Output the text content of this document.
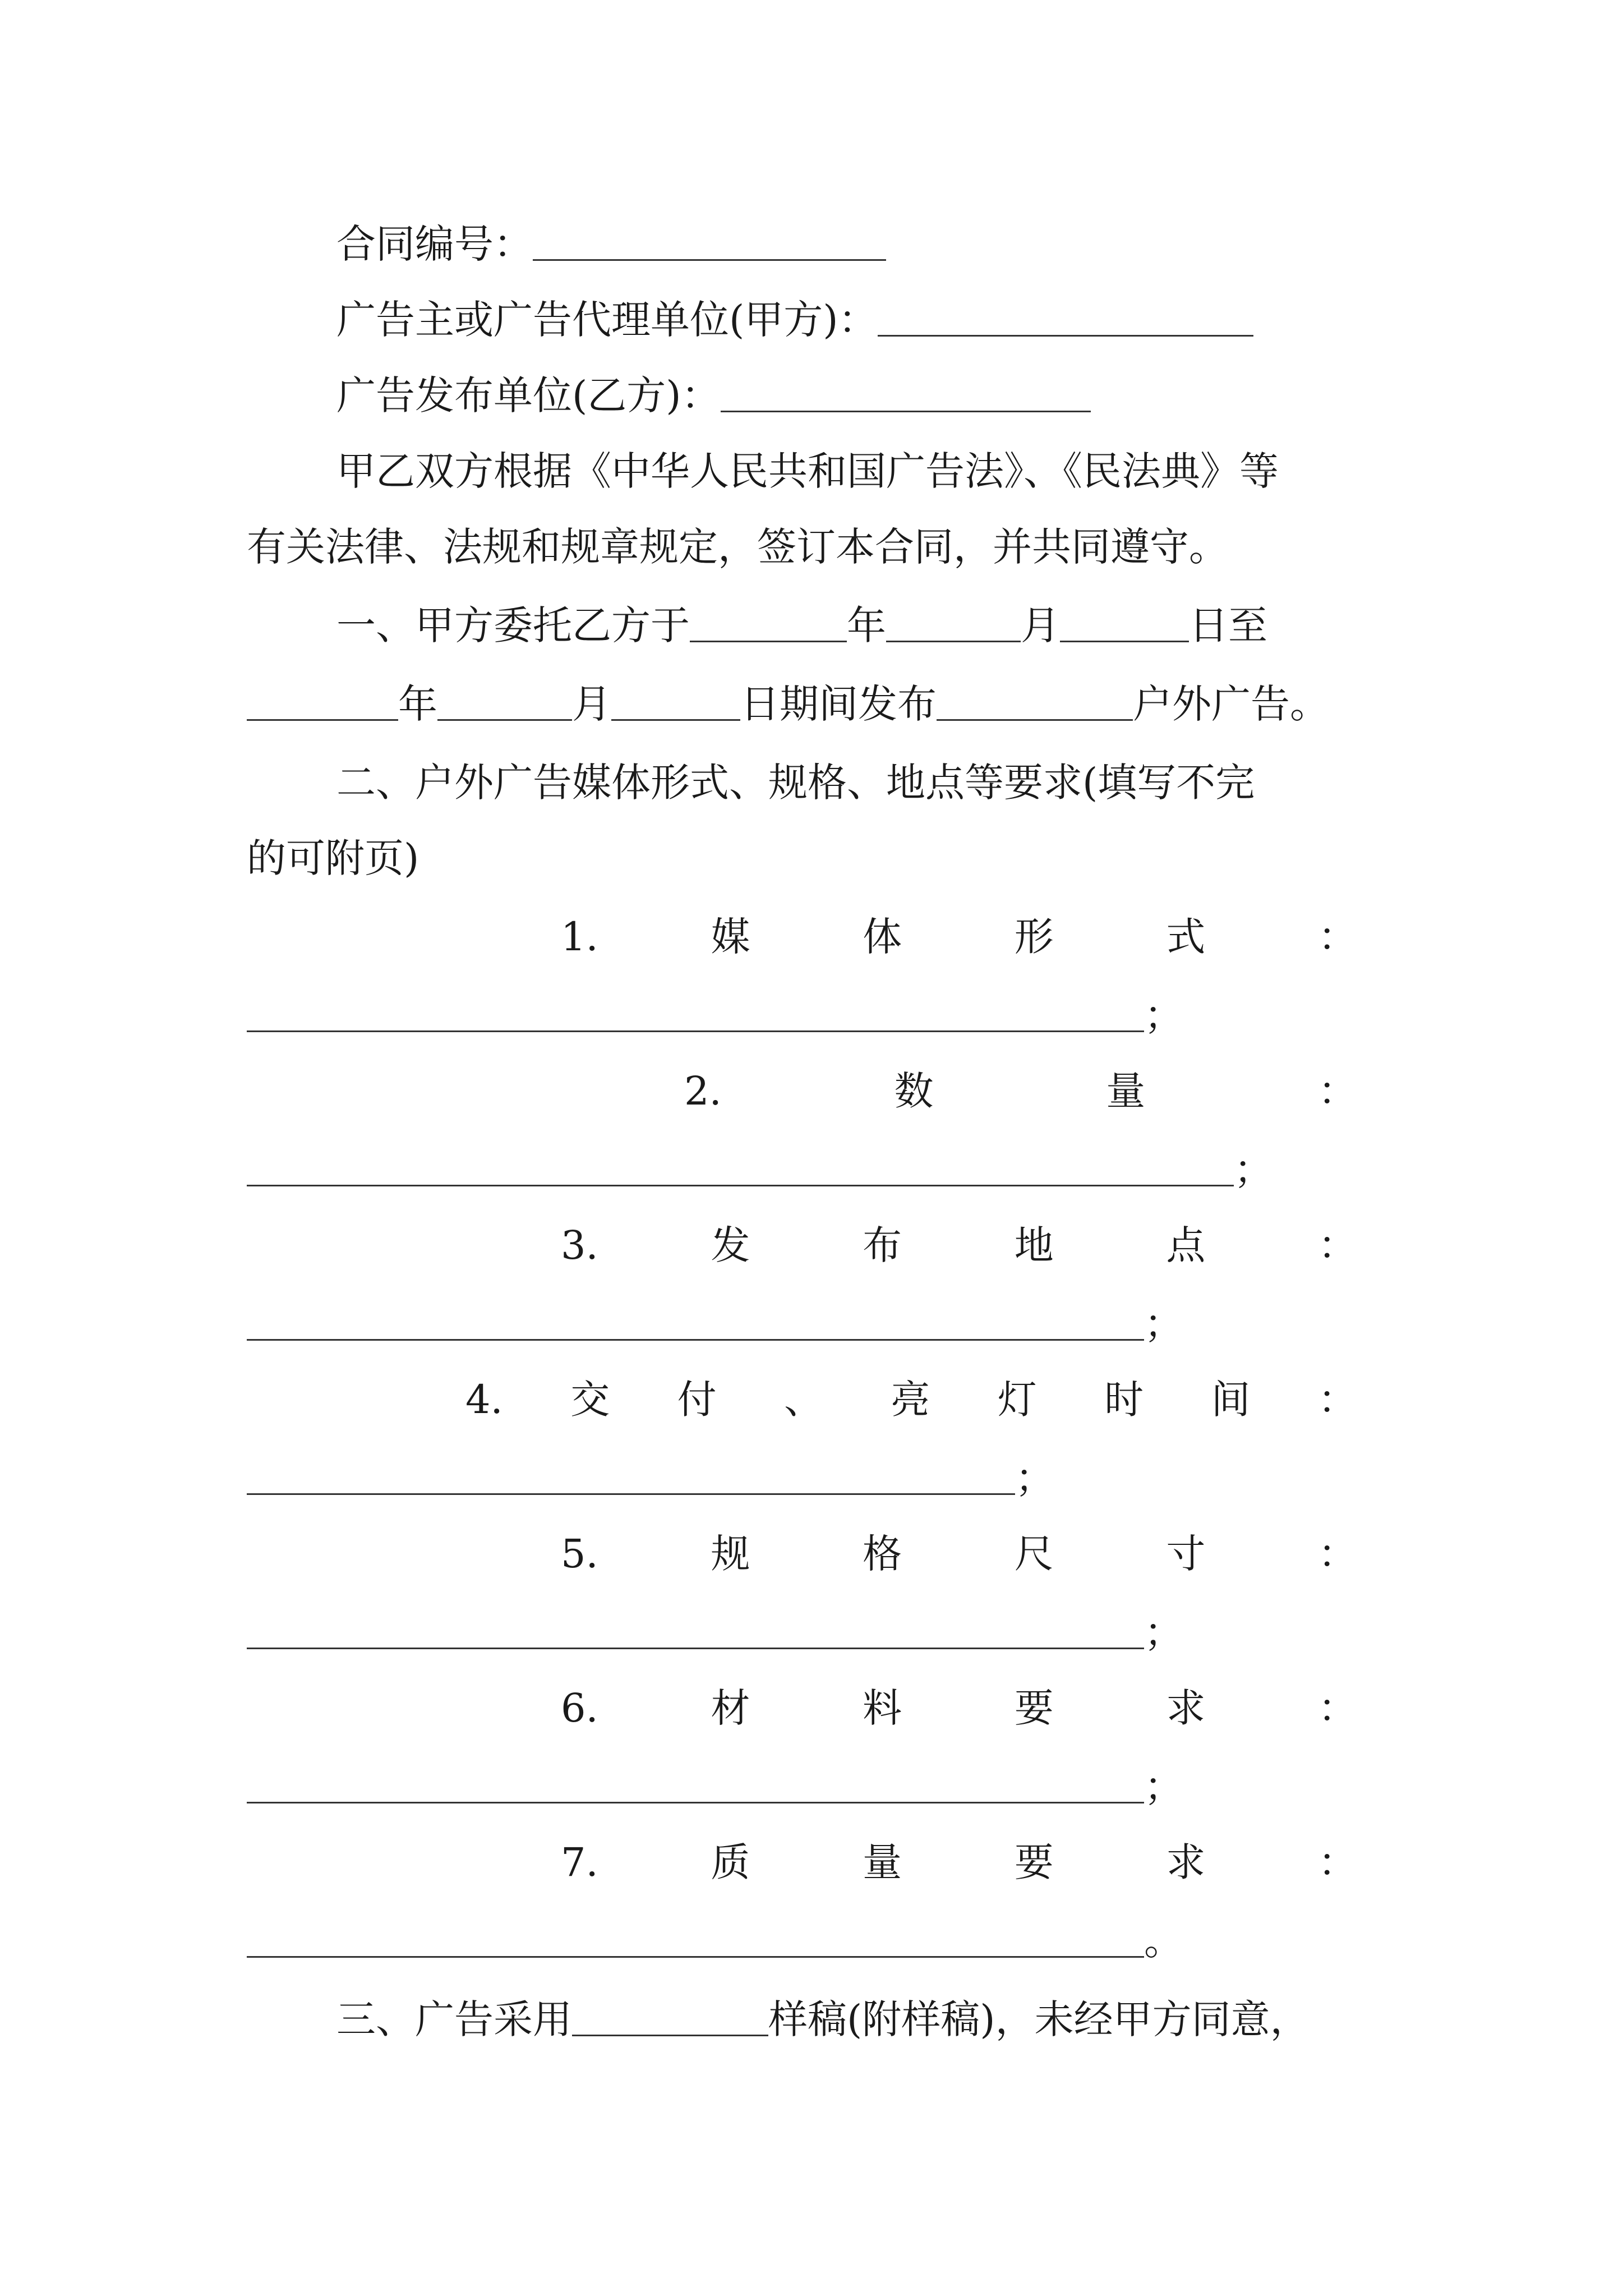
合同编号：
广告主或广告代理单位(甲方)：
广告发布单位(乙方)：
甲乙双方根据《中华人民共和国广告法》、《民法典》等
有关法律、法规和规章规定，签订本合同，并共同遵守。
一、甲方委托乙方于	年	月	日至
年	月	日期间发布	户外广告。
二、户外广告媒体形式、规格、地点等要求(填写不完
的可附页)
1.	媒	体	形	式	：
；
2.	数	量	：
；
3.	发	布	地	点	：
；
4. 交 付 、 亮 灯 时 间 ：
；
5.	规	格	尺	寸	：
；
6.	材	料	要	求	：
；
7.	质	量	要	求	：
。
三、广告采用	样稿(附样稿)，未经甲方同意，
